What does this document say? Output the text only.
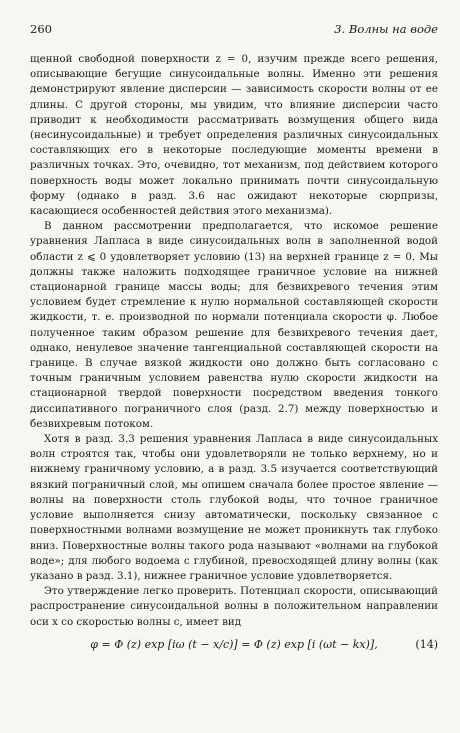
260	3. Волны на воде

щенной свободной поверхности z = 0, изучим прежде всего решения, описывающие бегущие синусоидальные волны. Именно эти решения демонстрируют явление дисперсии — зависимость скорости волны от ее длины. С другой стороны, мы увидим, что влияние дисперсии часто приводит к необходимости рассматривать возмущения общего вида (несинусоидальные) и требует определения различных синусоидальных составляющих его в некоторые последующие моменты времени в различных точках. Это, очевидно, тот механизм, под действием которого поверхность воды может локально принимать почти синусоидальную форму (однако в разд. 3.6 нас ожидают некоторые сюрпризы, касающиеся особенностей действия этого механизма).

В данном рассмотрении предполагается, что искомое решение уравнения Лапласа в виде синусоидальных волн в заполненной водой области z ⩽ 0 удовлетворяет условию (13) на верхней границе z = 0. Мы должны также наложить подходящее граничное условие на нижней стационарной границе массы воды; для безвихревого течения этим условием будет стремление к нулю нормальной составляющей скорости жидкости, т. е. производной по нормали потенциала скорости φ. Любое полученное таким образом решение для безвихревого течения дает, однако, ненулевое значение тангенциальной составляющей скорости на границе. В случае вязкой жидкости оно должно быть согласовано с точным граничным условием равенства нулю скорости жидкости на стационарной твердой поверхности посредством введения тонкого диссипативного пограничного слоя (разд. 2.7) между поверхностью и безвихревым потоком.

Хотя в разд. 3.3 решения уравнения Лапласа в виде синусоидальных волн строятся так, чтобы они удовлетворяли не только верхнему, но и нижнему граничному условию, а в разд. 3.5 изучается соответствующий вязкий пограничный слой, мы опишем сначала более простое явление — волны на поверхности столь глубокой воды, что точное граничное условие выполняется снизу автоматически, поскольку связанное с поверхностными волнами возмущение не может проникнуть так глубоко вниз. Поверхностные волны такого рода называют «волнами на глубокой воде»; для любого водоема с глубиной, превосходящей длину волны (как указано в разд. 3.1), нижнее граничное условие удовлетворяется.

Это утверждение легко проверить. Потенциал скорости, описывающий распространение синусоидальной волны в положительном направлении оси x со скоростью волны c, имеет вид

φ = Φ (z) exp [iω (t − x/c)] = Φ (z) exp [i (ωt − kx)],	(14)
